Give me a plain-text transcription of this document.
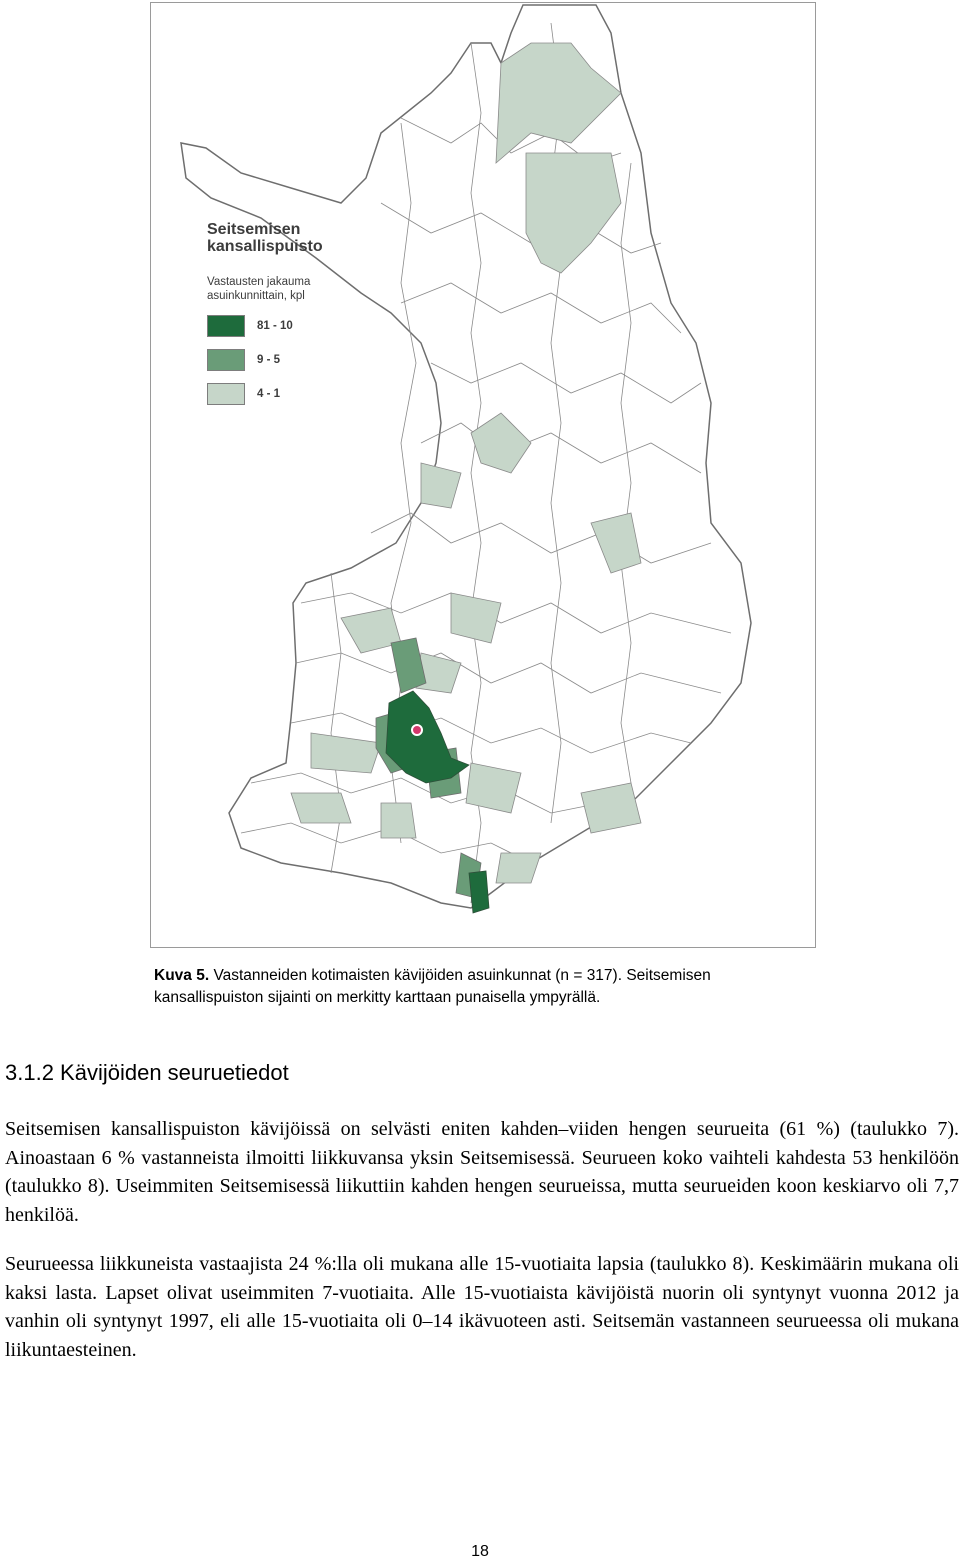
Seitsemisen
kansallispuisto
Vastausten jakauma
asuinkunnittain, kpl
81 - 10
9 - 5
4 - 1
Kuva 5. Vastanneiden kotimaisten kävijöiden asuinkunnat (n = 317). Seitsemisen kansallispuiston sijainti on merkitty karttaan punaisella ympyrällä.
3.1.2 Kävijöiden seuruetiedot

Seitsemisen kansallispuiston kävijöissä on selvästi eniten kahden–viiden hengen seurueita (61 %) (taulukko 7). Ainoastaan 6 % vastanneista ilmoitti liikkuvansa yksin Seitsemisessä. Seurueen koko vaihteli kahdesta 53 henkilöön (taulukko 8). Useimmiten Seitsemisessä liikuttiin kahden hengen seurueissa, mutta seurueiden koon keskiarvo oli 7,7 henkilöä.

Seurueessa liikkuneista vastaajista 24 %:lla oli mukana alle 15-vuotiaita lapsia (taulukko 8). Keskimäärin mukana oli kaksi lasta. Lapset olivat useimmiten 7-vuotiaita. Alle 15-vuotiaista kävijöistä nuorin oli syntynyt vuonna 2012 ja vanhin oli syntynyt 1997, eli alle 15-vuotiaita oli 0–14 ikävuoteen asti. Seitsemän vastanneen seurueessa oli mukana liikuntaesteinen.

18
